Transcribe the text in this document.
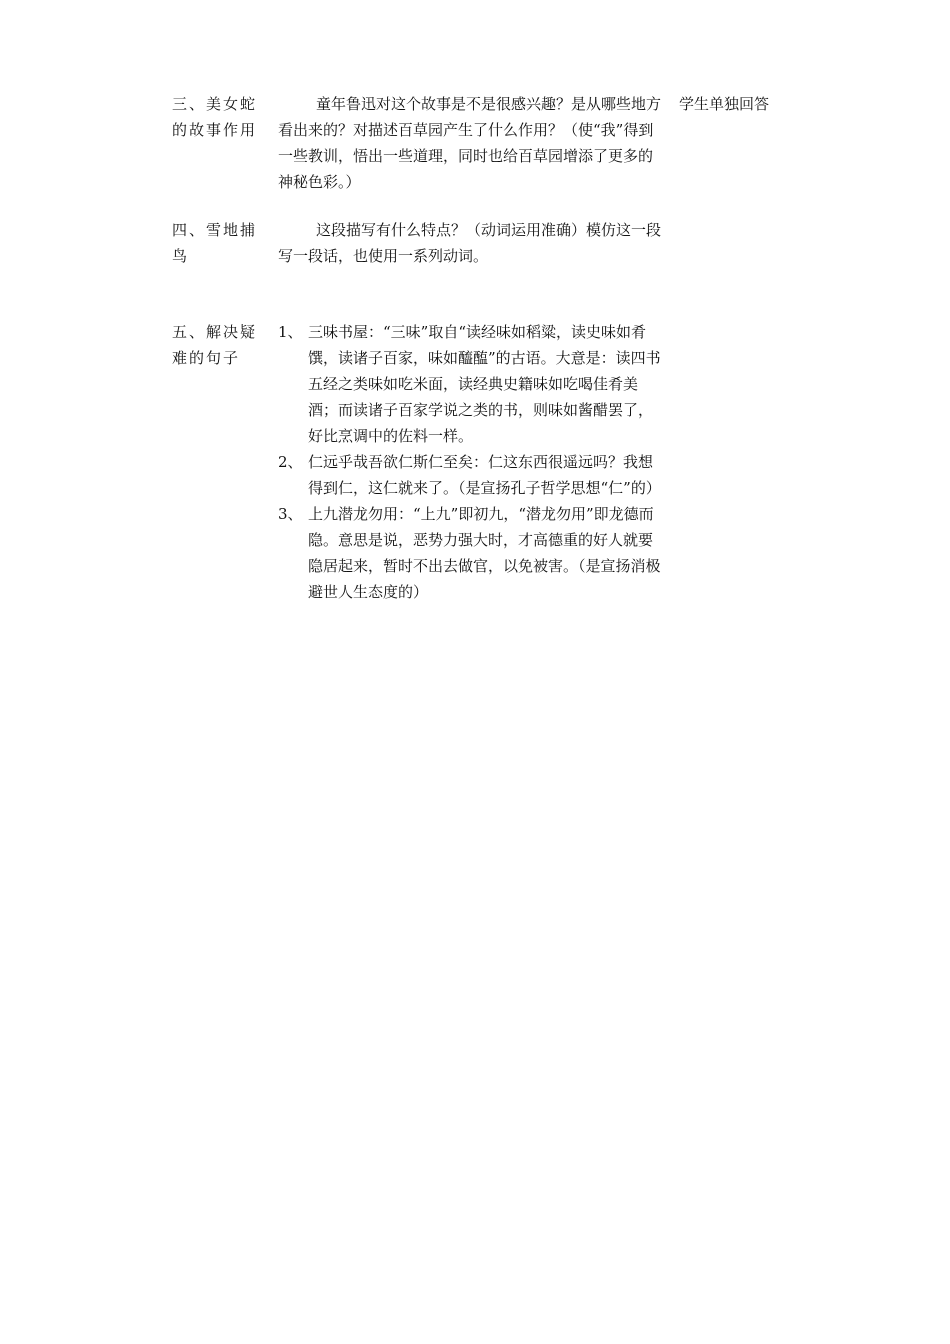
三、美女蛇的故事作用

童年鲁迅对这个故事是不是很感兴趣？是从哪些地方看出来的？对描述百草园产生了什么作用？（使“我”得到一些教训，悟出一些道理，同时也给百草园增添了更多的神秘色彩。）

学生单独回答
四、雪地捕鸟

这段描写有什么特点？（动词运用准确）模仿这一段写一段话，也使用一系列动词。

五、解决疑难的句子
1、 三味书屋：“三味”取自“读经味如稻粱，读史味如肴馔，读诸子百家，味如醯醢”的古语。大意是：读四书五经之类味如吃米面，读经典史籍味如吃喝佳肴美酒；而读诸子百家学说之类的书，则味如酱醋罢了，好比烹调中的佐料一样。
2、 仁远乎哉吾欲仁斯仁至矣：仁这东西很遥远吗？我想得到仁，这仁就来了。（是宣扬孔子哲学思想“仁”的）
3、 上九潜龙勿用：“上九”即初九，“潜龙勿用”即龙德而隐。意思是说，恶势力强大时，才高德重的好人就要隐居起来，暂时不出去做官，以免被害。（是宣扬消极避世人生态度的）
